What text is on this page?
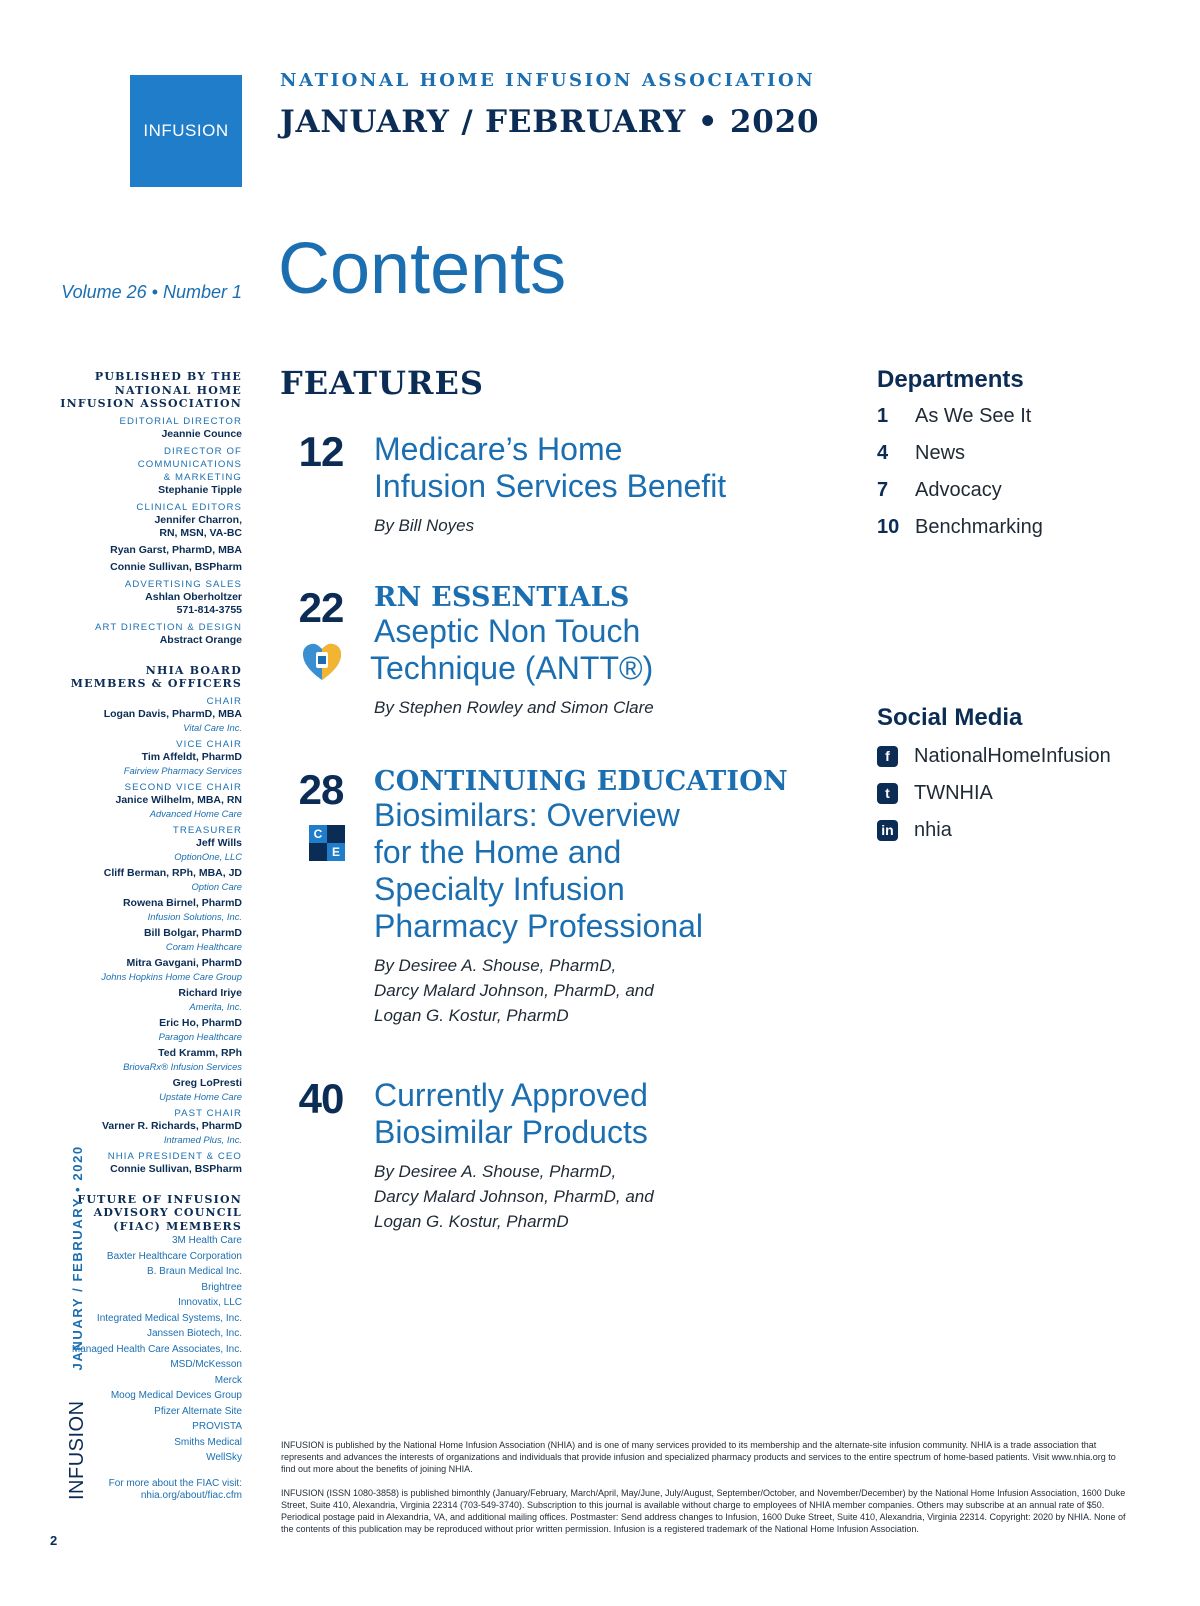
INFUSION
NATIONAL HOME INFUSION ASSOCIATION
JANUARY / FEBRUARY • 2020
Volume 26 • Number 1 Contents
PUBLISHED BY THE
NATIONAL HOME
INFUSION ASSOCIATION
EDITORIAL DIRECTOR
Jeannie Counce
DIRECTOR OF
COMMUNICATIONS
& MARKETING
Stephanie Tipple
CLINICAL EDITORS
Jennifer Charron,
RN, MSN, VA-BC
Ryan Garst, PharmD, MBA
Connie Sullivan, BSPharm
ADVERTISING SALES
Ashlan Oberholtzer
571-814-3755
ART DIRECTION & DESIGN
Abstract Orange
NHIA BOARD
MEMBERS & OFFICERS
CHAIR
Logan Davis, PharmD, MBA
Vital Care Inc.
VICE CHAIR
Tim Affeldt, PharmD
Fairview Pharmacy Services
SECOND VICE CHAIR
Janice Wilhelm, MBA, RN
Advanced Home Care
TREASURER
Jeff Wills
OptionOne, LLC
Cliff Berman, RPh, MBA, JD
Option Care
Rowena Birnel, PharmD
Infusion Solutions, Inc.
Bill Bolgar, PharmD
Coram Healthcare
Mitra Gavgani, PharmD
Johns Hopkins Home Care Group
Richard Iriye
Amerita, Inc.
Eric Ho, PharmD
Paragon Healthcare
Ted Kramm, RPh
BriovaRx® Infusion Services
Greg LoPresti
Upstate Home Care
PAST CHAIR
Varner R. Richards, PharmD
Intramed Plus, Inc.
NHIA PRESIDENT & CEO
Connie Sullivan, BSPharm
FUTURE OF INFUSION
ADVISORY COUNCIL
(FIAC) MEMBERS
3M Health Care
Baxter Healthcare Corporation
B. Braun Medical Inc.
Brightree
Innovatix, LLC
Integrated Medical Systems, Inc.
Janssen Biotech, Inc.
Managed Health Care Associates, Inc.
MSD/McKesson
Merck
Moog Medical Devices Group
Pfizer Alternate Site
PROVISTA
Smiths Medical
WellSky
For more about the FIAC visit:
nhia.org/about/fiac.cfm
INFUSION
JANUARY / FEBRUARY • 2020
2
FEATURES
12 Medicare’s Home
Infusion Services Benefit
By Bill Noyes
22 RN ESSENTIALS
Aseptic Non Touch
Technique (ANTT®)
By Stephen Rowley and Simon Clare
28
C
E
CONTINUING EDUCATION
Biosimilars: Overview
for the Home and
Specialty Infusion
Pharmacy Professional
By Desiree A. Shouse, PharmD,
Darcy Malard Johnson, PharmD, and
Logan G. Kostur, PharmD
40 Currently Approved
Biosimilar Products
By Desiree A. Shouse, PharmD,
Darcy Malard Johnson, PharmD, and
Logan G. Kostur, PharmD
Departments
1	As We See It
4	News
7	Advocacy
10 Benchmarking
Social Media
f	NationalHomeInfusion
t	TWNHIA
in nhia

INFUSION is published by the National Home Infusion Association (NHIA) and is one of many services provided to its membership and the alternate-site infusion community. NHIA is a trade association that represents and advances the interests of organizations and individuals that provide infusion and specialized pharmacy products and services to the entire spectrum of home-based patients. Visit www.nhia.org to find out more about the benefits of joining NHIA.

INFUSION (ISSN 1080-3858) is published bimonthly (January/February, March/April, May/June, July/August, September/October, and November/December) by the National Home Infusion Association, 1600 Duke Street, Suite 410, Alexandria, Virginia 22314 (703-549-3740). Subscription to this journal is available without charge to employees of NHIA member companies. Others may subscribe at an annual rate of $50. Periodical postage paid in Alexandria, VA, and additional mailing offices. Postmaster: Send address changes to Infusion, 1600 Duke Street, Suite 410, Alexandria, Virginia 22314. Copyright: 2020 by NHIA. None of the contents of this publication may be reproduced without prior written permission. Infusion is a registered trademark of the National Home Infusion Association.
